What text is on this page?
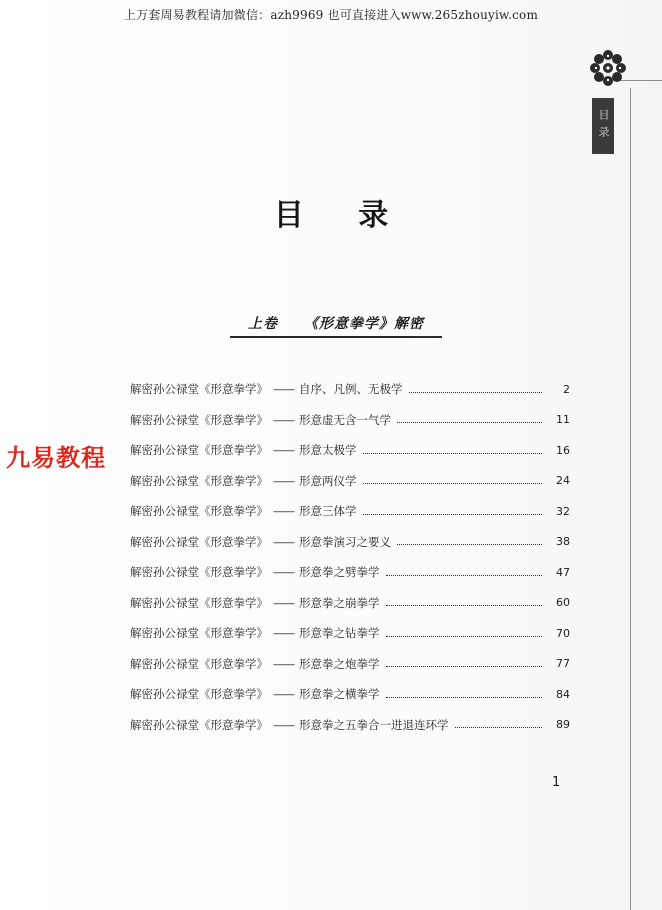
上万套周易教程请加微信：azh9969 也可直接进入www.265zhouyiw.com
目录
目 录
上卷 《形意拳学》解密
解密孙公禄堂《形意拳学》 —— 自序、凡例、无极学	2
解密孙公禄堂《形意拳学》 —— 形意虚无含一气学	11
解密孙公禄堂《形意拳学》 —— 形意太极学	16
解密孙公禄堂《形意拳学》 —— 形意两仪学	24
解密孙公禄堂《形意拳学》 —— 形意三体学	32
解密孙公禄堂《形意拳学》 —— 形意拳演习之要义	38
解密孙公禄堂《形意拳学》 —— 形意拳之劈拳学	47
解密孙公禄堂《形意拳学》 —— 形意拳之崩拳学	60
解密孙公禄堂《形意拳学》 —— 形意拳之钻拳学	70
解密孙公禄堂《形意拳学》 —— 形意拳之炮拳学	77
解密孙公禄堂《形意拳学》 —— 形意拳之横拳学	84
解密孙公禄堂《形意拳学》 —— 形意拳之五拳合一进退连环学	89
1
九易教程
